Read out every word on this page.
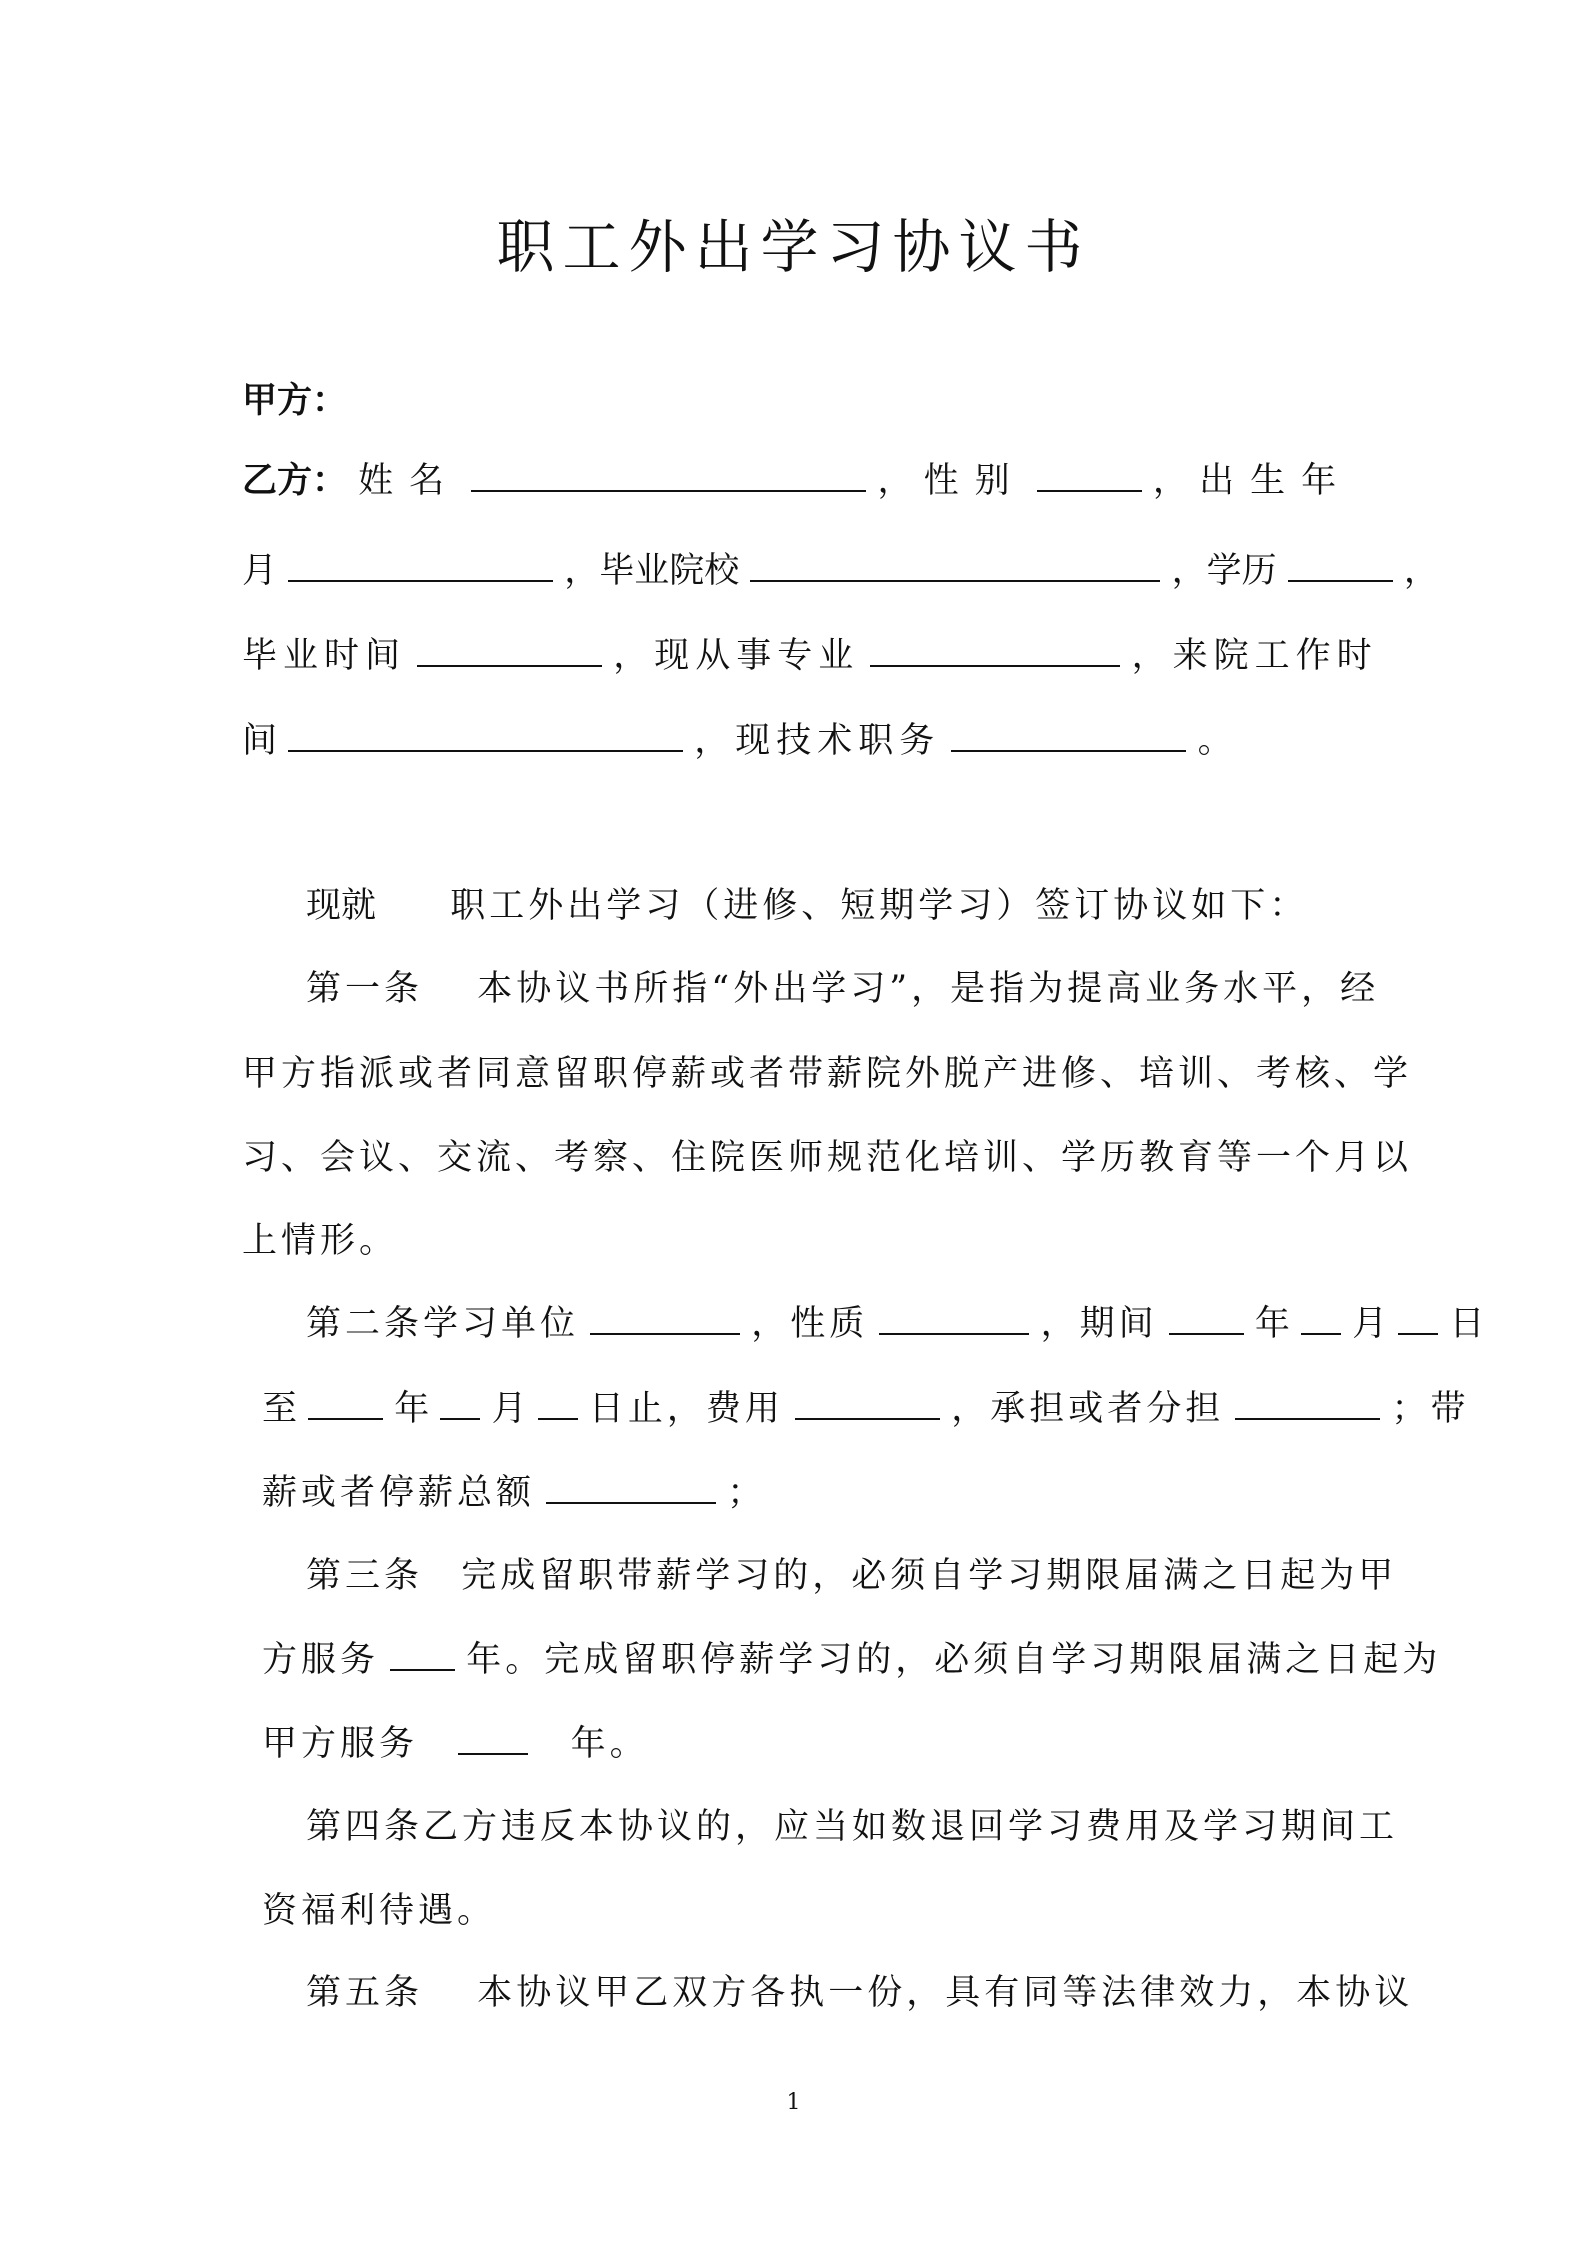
职工外出学习协议书
甲方：
乙方： 姓名	， 性别	， 出生年
月	，毕业院校	，学历	，
毕业时间	，现从事专业	，来院工作时
间	，现技术职务	。
现就 职工外出学习（进修、短期学习）签订协议如下：
第一条 本协议书所指“外出学习”，是指为提高业务水平，经
甲方指派或者同意留职停薪或者带薪院外脱产进修、培训、考核、学
习、会议、交流、考察、住院医师规范化培训、学历教育等一个月以
上情形。
第二条学习单位	，性质	，期间	年 月 日
至	年 月 日止，费用	，承担或者分担	；带
薪或者停薪总额	；
第三条 完成留职带薪学习的，必须自学习期限届满之日起为甲
方服务 年。完成留职停薪学习的，必须自学习期限届满之日起为
甲方服务	年。
第四条乙方违反本协议的，应当如数退回学习费用及学习期间工
资福利待遇。
第五条 本协议甲乙双方各执一份，具有同等法律效力，本协议
1
